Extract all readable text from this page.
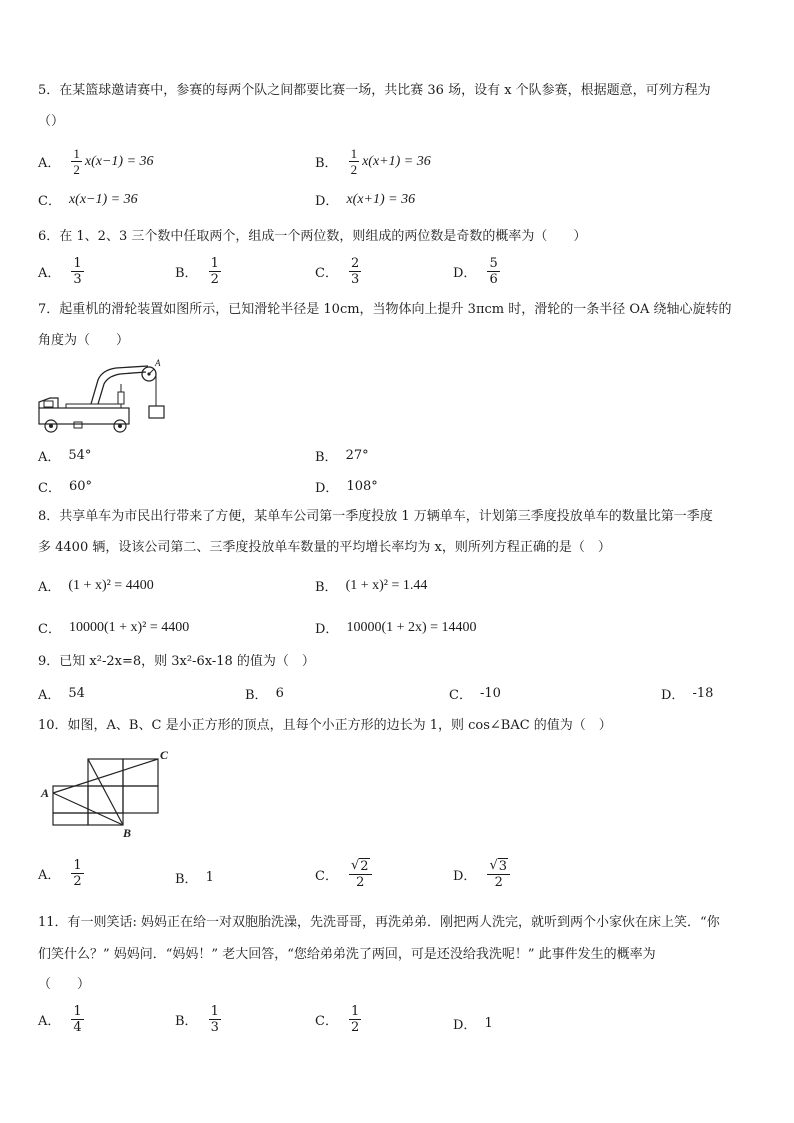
5．在某篮球邀请赛中，参赛的每两个队之间都要比赛一场，共比赛 36 场，设有 x 个队参赛，根据题意，可列方程为
（）
A． $\frac{1}{2} x(x-1) = 36$	B． $\frac{1}{2} x(x+1) = 36$
C． x(x−1) = 36	D． x(x+1) = 36
6．在 1、2、3 三个数中任取两个，组成一个两位数，则组成的两位数是奇数的概率为（　　）
A． $\frac{1}{3}$	B． $\frac{1}{2}$	C． $\frac{2}{3}$	D． $\frac{5}{6}$
7．起重机的滑轮装置如图所示，已知滑轮半径是 10cm，当物体向上提升 3πcm 时，滑轮的一条半径 OA 绕轴心旋转的
角度为（　　）
A
A． 54°	B． 27°
C． 60°	D． 108°
8．共享单车为市民出行带来了方便，某单车公司第一季度投放 1 万辆单车，计划第三季度投放单车的数量比第一季度
多 4400 辆，设该公司第二、三季度投放单车数量的平均增长率均为 x，则所列方程正确的是（　）
A． (1 + x)² = 4400	B． (1 + x)² = 1.44
C． 10000(1 + x)² = 4400	D． 10000(1 + 2x) = 14400
9．已知 x²-2x=8，则 3x²-6x-18 的值为（　）
A． 54	B． 6	C． -10	D． -18
10．如图，A、B、C 是小正方形的顶点，且每个小正方形的边长为 1，则 cos∠BAC 的值为（　）
A
B
C
A． $\frac{1}{2}$	B． 1	C． $\frac{√ 2}{2}$	D． $\frac{√ 3}{2}$
11．有一则笑话: 妈妈正在给一对双胞胎洗澡，先洗哥哥，再洗弟弟．刚把两人洗完，就听到两个小家伙在床上笑．“你
们笑什么？” 妈妈问．“妈妈！” 老大回答，“您给弟弟洗了两回，可是还没给我洗呢！” 此事件发生的概率为
（　　）
A． $\frac{1}{4}$	B． $\frac{1}{3}$	C． $\frac{1}{2}$	D． 1
